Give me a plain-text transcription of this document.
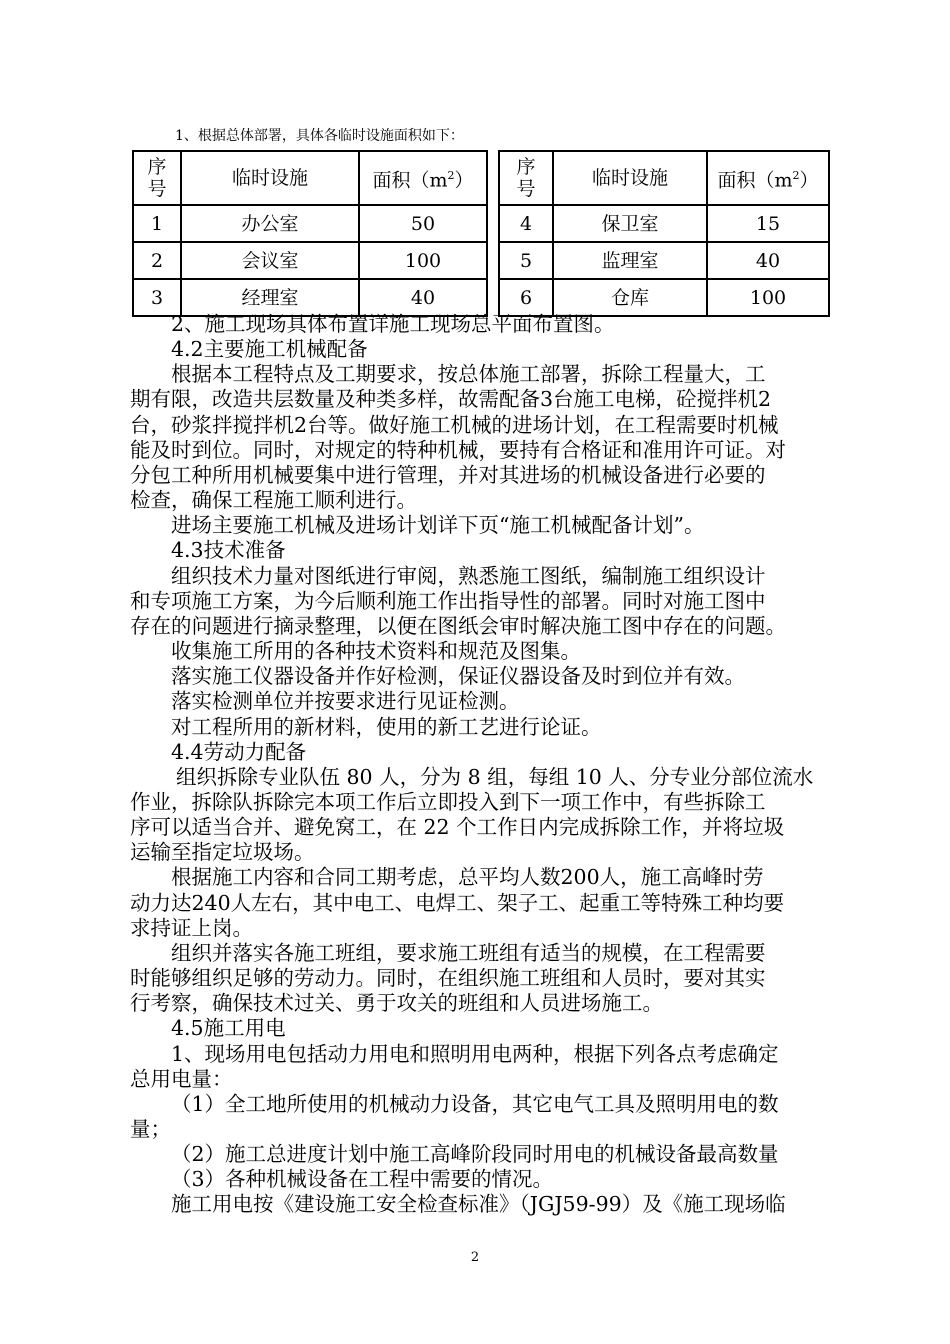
1、根据总体部署，具体各临时设施面积如下：
序号	临时设施	面积$(m^2)$
1	办公室	50
2	会议室	100
3	经理室	40
序号	临时设施	面积$(m^2)$
4	保卫室	15
5	监理室	40
6	仓库	100

2、施工现场具体布置详施工现场总平面布置图。

4.2主要施工机械配备

根据本工程特点及工期要求，按总体施工部署，拆除工程量大，工

期有限，改造共层数量及种类多样，故需配备3台施工电梯，砼搅拌机2

台，砂浆拌搅拌机2台等。做好施工机械的进场计划，在工程需要时机械

能及时到位。同时，对规定的特种机械，要持有合格证和准用许可证。对

分包工种所用机械要集中进行管理，并对其进场的机械设备进行必要的

检查，确保工程施工顺利进行。

进场主要施工机械及进场计划详下页“施工机械配备计划”。

4.3技术准备

组织技术力量对图纸进行审阅，熟悉施工图纸，编制施工组织设计

和专项施工方案，为今后顺利施工作出指导性的部署。同时对施工图中

存在的问题进行摘录整理，以便在图纸会审时解决施工图中存在的问题。

收集施工所用的各种技术资料和规范及图集。

落实施工仪器设备并作好检测，保证仪器设备及时到位并有效。

落实检测单位并按要求进行见证检测。

对工程所用的新材料，使用的新工艺进行论证。

4.4劳动力配备

组织拆除专业队伍 80 人，分为 8 组，每组 10 人、分专业分部位流水

作业，拆除队拆除完本项工作后立即投入到下一项工作中，有些拆除工

序可以适当合并、避免窝工，在 22 个工作日内完成拆除工作，并将垃圾

运输至指定垃圾场。

根据施工内容和合同工期考虑，总平均人数200人，施工高峰时劳

动力达240人左右，其中电工、电焊工、架子工、起重工等特殊工种均要

求持证上岗。

组织并落实各施工班组，要求施工班组有适当的规模，在工程需要

时能够组织足够的劳动力。同时，在组织施工班组和人员时，要对其实

行考察，确保技术过关、勇于攻关的班组和人员进场施工。

4.5施工用电

1、现场用电包括动力用电和照明用电两种，根据下列各点考虑确定

总用电量：

（1）全工地所使用的机械动力设备，其它电气工具及照明用电的数

量；

（2）施工总进度计划中施工高峰阶段同时用电的机械设备最高数量

（3）各种机械设备在工程中需要的情况。

施工用电按《建设施工安全检查标准》（JGJ59-99）及《施工现场临

2
